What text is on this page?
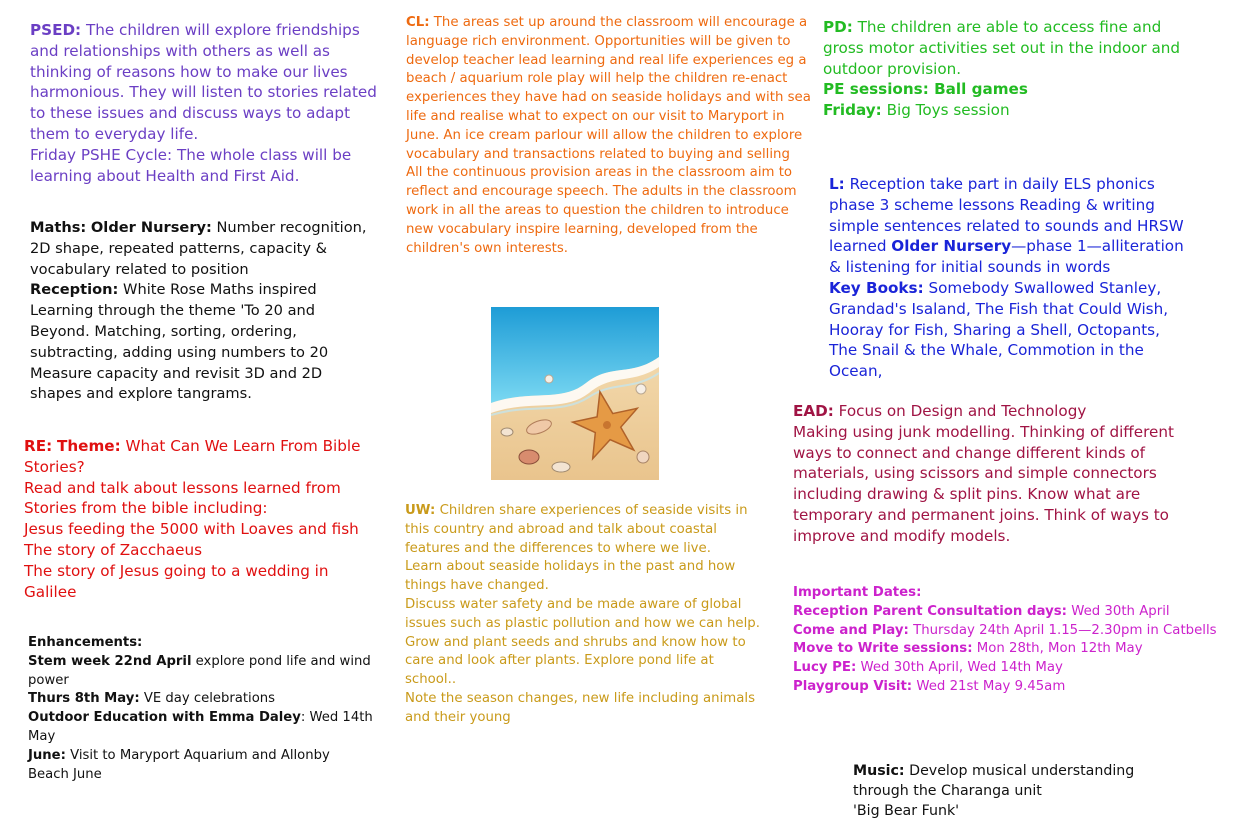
PSED: The children will explore friendships and relationships with others as well as thinking of reasons how to make our lives harmonious. They will listen to stories related to these issues and discuss ways to adapt them to everyday life.

Friday PSHE Cycle: The whole class will be learning about Health and First Aid.

Maths: Older Nursery: Number recognition, 2D shape, repeated patterns, capacity & vocabulary related to position

Reception: White Rose Maths inspired Learning through the theme 'To 20 and Beyond. Matching, sorting, ordering, subtracting, adding using numbers to 20 Measure capacity and revisit 3D and 2D shapes and explore tangrams.

RE: Theme: What Can We Learn From Bible Stories?

Read and talk about lessons learned from Stories from the bible including:

Jesus feeding the 5000 with Loaves and fish

The story of Zacchaeus

The story of Jesus going to a wedding in Galilee

Enhancements:

Stem week 22nd April explore pond life and wind power

Thurs 8th May: VE day celebrations

Outdoor Education with Emma Daley: Wed 14th May

June: Visit to Maryport Aquarium and Allonby Beach June

CL: The areas set up around the classroom will encourage a language rich environment. Opportunities will be given to develop teacher lead learning and real life experiences eg a beach / aquarium role play will help the children re-enact experiences they have had on seaside holidays and with sea life and realise what to expect on our visit to Maryport in June. An ice cream parlour will allow the children to explore vocabulary and transactions related to buying and selling

All the continuous provision areas in the classroom aim to reflect and encourage speech. The adults in the classroom work in all the areas to question the children to introduce new vocabulary inspire learning, developed from the children's own interests.

UW: Children share experiences of seaside visits in this country and abroad and talk about coastal features and the differences to where we live.

Learn about seaside holidays in the past and how things have changed.

Discuss water safety and be made aware of global issues such as plastic pollution and how we can help.

Grow and plant seeds and shrubs and know how to care and look after plants. Explore pond life at school..

Note the season changes, new life including animals and their young

PD: The children are able to access fine and gross motor activities set out in the indoor and outdoor provision.

PE sessions: Ball games

Friday: Big Toys session

L: Reception take part in daily ELS phonics phase 3 scheme lessons Reading & writing simple sentences related to sounds and HRSW learned Older Nursery—phase 1—alliteration & listening for initial sounds in words

Key Books: Somebody Swallowed Stanley, Grandad's Isaland, The Fish that Could Wish, Hooray for Fish, Sharing a Shell, Octopants, The Snail & the Whale, Commotion in the Ocean,

EAD: Focus on Design and Technology

Making using junk modelling. Thinking of different ways to connect and change different kinds of materials, using scissors and simple connectors including drawing & split pins. Know what are temporary and permanent joins. Think of ways to improve and modify models.

Important Dates:

Reception Parent Consultation days: Wed 30th April

Come and Play: Thursday 24th April 1.15—2.30pm in Catbells

Move to Write sessions: Mon 28th, Mon 12th May

Lucy PE: Wed 30th April, Wed 14th May

Playgroup Visit: Wed 21st May 9.45am

Music: Develop musical understanding through the Charanga unit

'Big Bear Funk'
